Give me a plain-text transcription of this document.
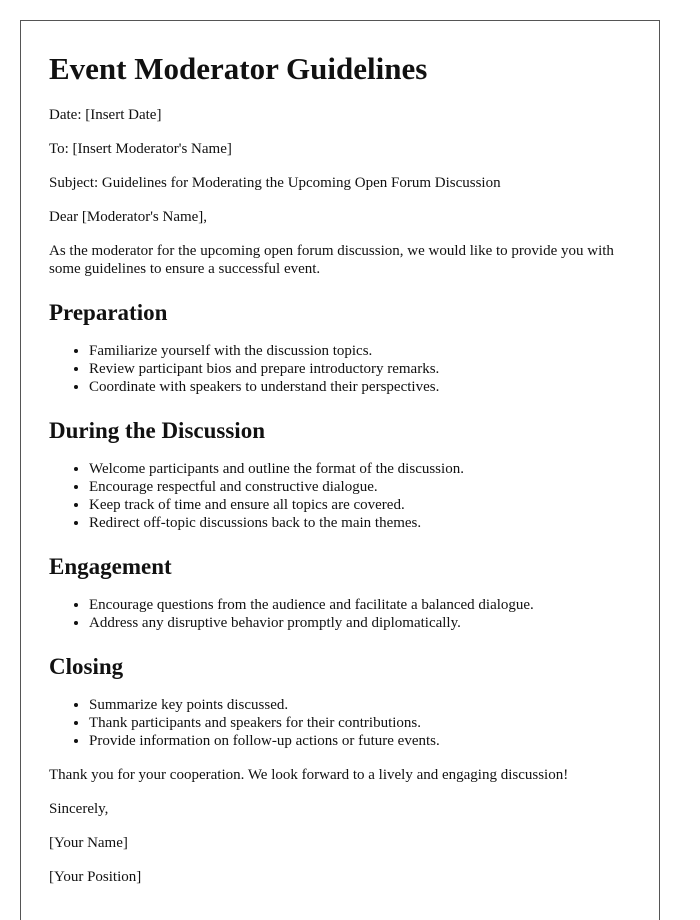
Event Moderator Guidelines

Date: [Insert Date]

To: [Insert Moderator's Name]

Subject: Guidelines for Moderating the Upcoming Open Forum Discussion

Dear [Moderator's Name],

As the moderator for the upcoming open forum discussion, we would like to provide you with some guidelines to ensure a successful event.

Preparation
• Familiarize yourself with the discussion topics.
• Review participant bios and prepare introductory remarks.
• Coordinate with speakers to understand their perspectives.
During the Discussion
• Welcome participants and outline the format of the discussion.
• Encourage respectful and constructive dialogue.
• Keep track of time and ensure all topics are covered.
• Redirect off-topic discussions back to the main themes.
Engagement
• Encourage questions from the audience and facilitate a balanced dialogue.
• Address any disruptive behavior promptly and diplomatically.
Closing
• Summarize key points discussed.
• Thank participants and speakers for their contributions.
• Provide information on follow-up actions or future events.

Thank you for your cooperation. We look forward to a lively and engaging discussion!

Sincerely,

[Your Name]

[Your Position]
